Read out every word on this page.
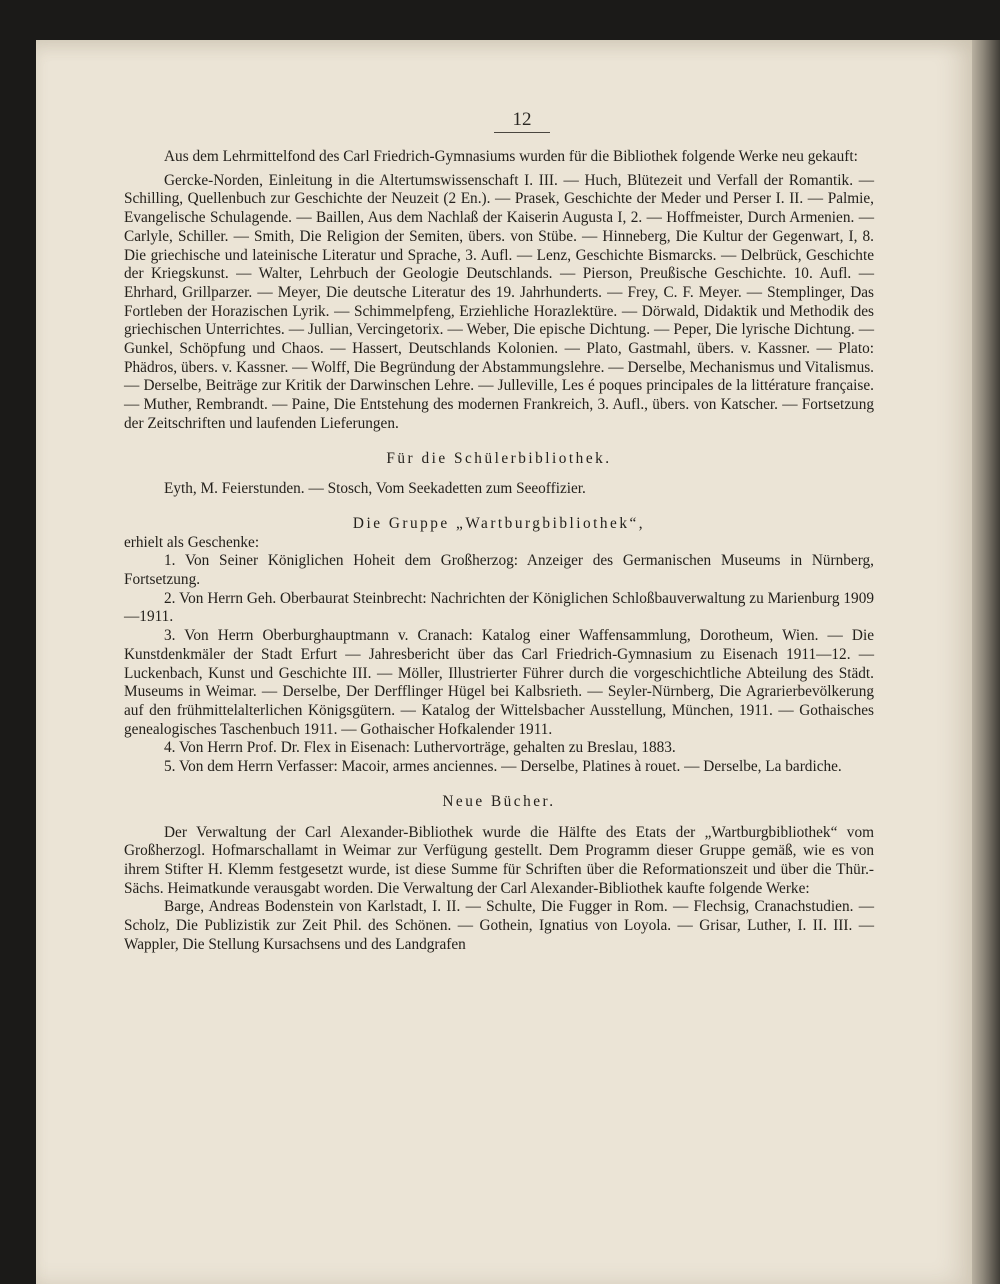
12

Aus dem Lehrmittelfond des Carl Friedrich-Gymnasiums wurden für die Bibliothek folgende Werke neu gekauft:

Gercke-Norden, Einleitung in die Altertumswissenschaft I. III. — Huch, Blütezeit und Verfall der Romantik. — Schilling, Quellenbuch zur Geschichte der Neuzeit (2 En.). — Prasek, Geschichte der Meder und Perser I. II. — Palmie, Evangelische Schulagende. — Baillen, Aus dem Nachlaß der Kaiserin Augusta I, 2. — Hoffmeister, Durch Armenien. — Carlyle, Schiller. — Smith, Die Religion der Semiten, übers. von Stübe. — Hinneberg, Die Kultur der Gegenwart, I, 8. Die griechische und lateinische Literatur und Sprache, 3. Aufl. — Lenz, Geschichte Bismarcks. — Delbrück, Geschichte der Kriegskunst. — Walter, Lehrbuch der Geologie Deutschlands. — Pierson, Preußische Geschichte. 10. Aufl. — Ehrhard, Grillparzer. — Meyer, Die deutsche Literatur des 19. Jahrhunderts. — Frey, C. F. Meyer. — Stemplinger, Das Fortleben der Horazischen Lyrik. — Schimmelpfeng, Erziehliche Horazlektüre. — Dörwald, Didaktik und Methodik des griechischen Unterrichtes. — Jullian, Vercingetorix. — Weber, Die epische Dichtung. — Peper, Die lyrische Dichtung. — Gunkel, Schöpfung und Chaos. — Hassert, Deutschlands Kolonien. — Plato, Gastmahl, übers. v. Kassner. — Plato: Phädros, übers. v. Kassner. — Wolff, Die Begründung der Abstammungslehre. — Derselbe, Mechanismus und Vitalismus. — Derselbe, Beiträge zur Kritik der Darwinschen Lehre. — Julleville, Les é poques principales de la littérature française. — Muther, Rembrandt. — Paine, Die Entstehung des modernen Frankreich, 3. Aufl., übers. von Katscher. — Fortsetzung der Zeitschriften und laufenden Lieferungen.

Für die Schülerbibliothek.

Eyth, M. Feierstunden. — Stosch, Vom Seekadetten zum Seeoffizier.

Die Gruppe „Wartburgbibliothek“,

erhielt als Geschenke:

1. Von Seiner Königlichen Hoheit dem Großherzog: Anzeiger des Germanischen Museums in Nürnberg, Fortsetzung.

2. Von Herrn Geh. Oberbaurat Steinbrecht: Nachrichten der Königlichen Schloßbauverwaltung zu Marienburg 1909—1911.

3. Von Herrn Oberburghauptmann v. Cranach: Katalog einer Waffensammlung, Dorotheum, Wien. — Die Kunstdenkmäler der Stadt Erfurt — Jahresbericht über das Carl Friedrich-Gymnasium zu Eisenach 1911—12. — Luckenbach, Kunst und Geschichte III. — Möller, Illustrierter Führer durch die vorgeschichtliche Abteilung des Städt. Museums in Weimar. — Derselbe, Der Derfflinger Hügel bei Kalbsrieth. — Seyler-Nürnberg, Die Agrarierbevölkerung auf den frühmittelalterlichen Königsgütern. — Katalog der Wittelsbacher Ausstellung, München, 1911. — Gothaisches genealogisches Taschenbuch 1911. — Gothaischer Hofkalender 1911.

4. Von Herrn Prof. Dr. Flex in Eisenach: Luthervorträge, gehalten zu Breslau, 1883.

5. Von dem Herrn Verfasser: Macoir, armes anciennes. — Derselbe, Platines à rouet. — Derselbe, La bardiche.

Neue Bücher.

Der Verwaltung der Carl Alexander-Bibliothek wurde die Hälfte des Etats der „Wartburgbibliothek“ vom Großherzogl. Hofmarschallamt in Weimar zur Verfügung gestellt. Dem Programm dieser Gruppe gemäß, wie es von ihrem Stifter H. Klemm festgesetzt wurde, ist diese Summe für Schriften über die Reformationszeit und über die Thür.-Sächs. Heimatkunde verausgabt worden. Die Verwaltung der Carl Alexander-Bibliothek kaufte folgende Werke:

Barge, Andreas Bodenstein von Karlstadt, I. II. — Schulte, Die Fugger in Rom. — Flechsig, Cranachstudien. — Scholz, Die Publizistik zur Zeit Phil. des Schönen. — Gothein, Ignatius von Loyola. — Grisar, Luther, I. II. III. — Wappler, Die Stellung Kursachsens und des Landgrafen
